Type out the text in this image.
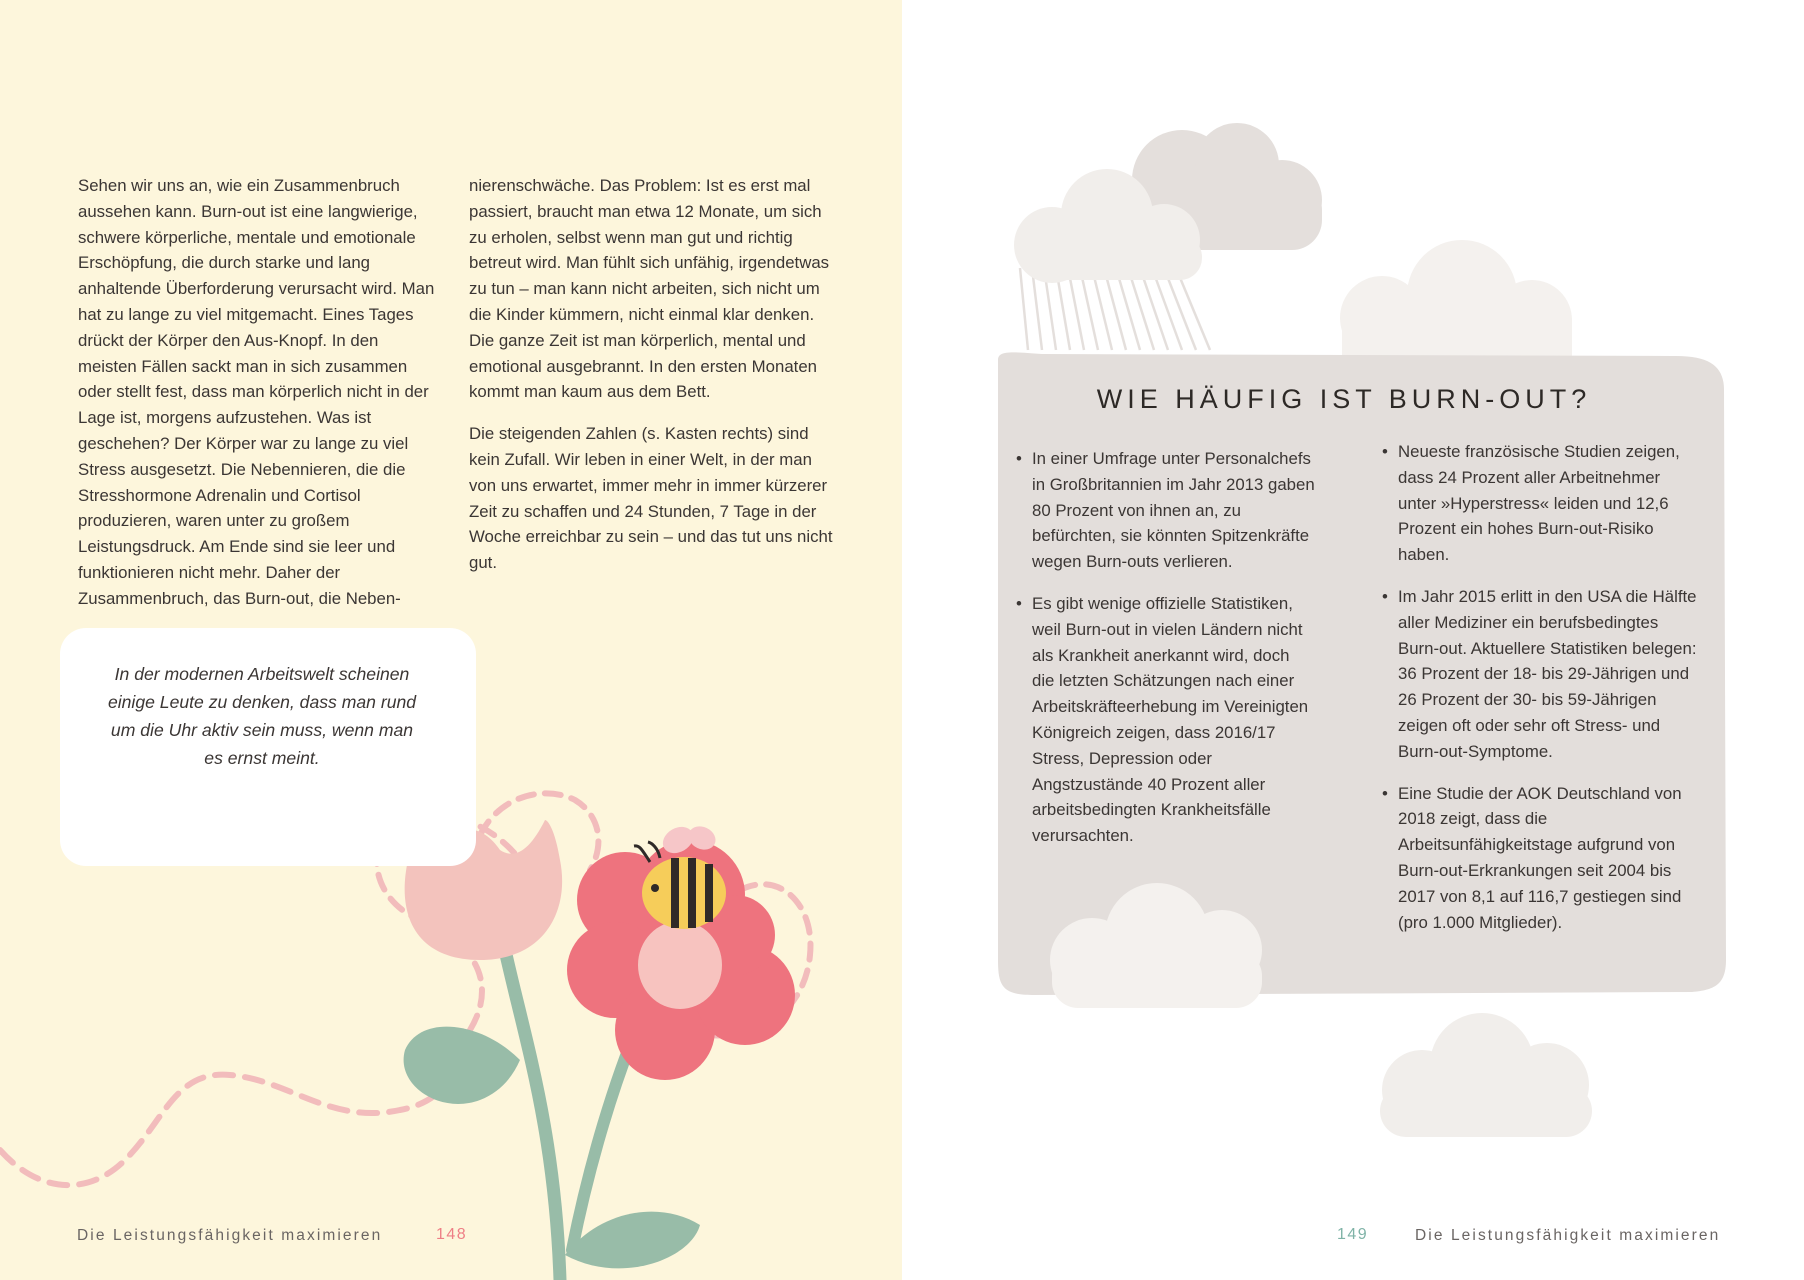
Sehen wir uns an, wie ein Zusammenbruch aussehen kann. Burn-out ist eine langwierige, schwere körperliche, mentale und emotionale Erschöpfung, die durch starke und lang anhaltende Überforderung verursacht wird. Man hat zu lange zu viel mitgemacht. Eines Tages drückt der Körper den Aus-Knopf. In den meisten Fällen sackt man in sich zusammen oder stellt fest, dass man körperlich nicht in der Lage ist, morgens aufzustehen. Was ist geschehen? Der Körper war zu lange zu viel Stress ausgesetzt. Die Nebennieren, die die Stresshormone Adrenalin und Cortisol produzieren, waren unter zu großem Leistungsdruck. Am Ende sind sie leer und funktionieren nicht mehr. Daher der Zusammenbruch, das Burn-out, die Neben-

nierenschwäche. Das Problem: Ist es erst mal passiert, braucht man etwa 12 Monate, um sich zu erholen, selbst wenn man gut und richtig betreut wird. Man fühlt sich unfähig, irgendetwas zu tun – man kann nicht arbeiten, sich nicht um die Kinder kümmern, nicht einmal klar denken. Die ganze Zeit ist man körperlich, mental und emotional ausgebrannt. In den ersten Monaten kommt man kaum aus dem Bett.

Die steigenden Zahlen (s. Kasten rechts) sind kein Zufall. Wir leben in einer Welt, in der man von uns erwartet, immer mehr in immer kürzerer Zeit zu schaffen und 24 Stunden, 7 Tage in der Woche erreichbar zu sein – und das tut uns nicht gut.

In der modernen Arbeitswelt scheinen einige Leute zu denken, dass man rund um die Uhr aktiv sein muss, wenn man es ernst meint.
Die Leistungsfähigkeit maximieren	148	149	Die Leistungsfähigkeit maximieren
WIE HÄUFIG IST BURN-OUT?
• In einer Umfrage unter Personalchefs in Großbritannien im Jahr 2013 gaben 80 Prozent von ihnen an, zu befürchten, sie könnten Spitzenkräfte wegen Burn-outs verlieren.
• Es gibt wenige offizielle Statistiken, weil Burn-out in vielen Ländern nicht als Krankheit anerkannt wird, doch die letzten Schätzungen nach einer Arbeitskräfteerhebung im Vereinigten Königreich zeigen, dass 2016/17 Stress, Depression oder Angstzustände 40 Prozent aller arbeitsbedingten Krankheitsfälle verursachten.
• Neueste französische Studien zeigen, dass 24 Prozent aller Arbeitnehmer unter »Hyperstress« leiden und 12,6 Prozent ein hohes Burn-out-Risiko haben.
• Im Jahr 2015 erlitt in den USA die Hälfte aller Mediziner ein berufsbedingtes Burn-out. Aktuellere Statistiken belegen: 36 Prozent der 18- bis 29-Jährigen und 26 Prozent der 30- bis 59-Jährigen zeigen oft oder sehr oft Stress- und Burn-out-Symptome.
• Eine Studie der AOK Deutschland von 2018 zeigt, dass die Arbeitsunfähigkeitstage aufgrund von Burn-out-Erkrankungen seit 2004 bis 2017 von 8,1 auf 116,7 gestiegen sind (pro 1.000 Mitglieder).
